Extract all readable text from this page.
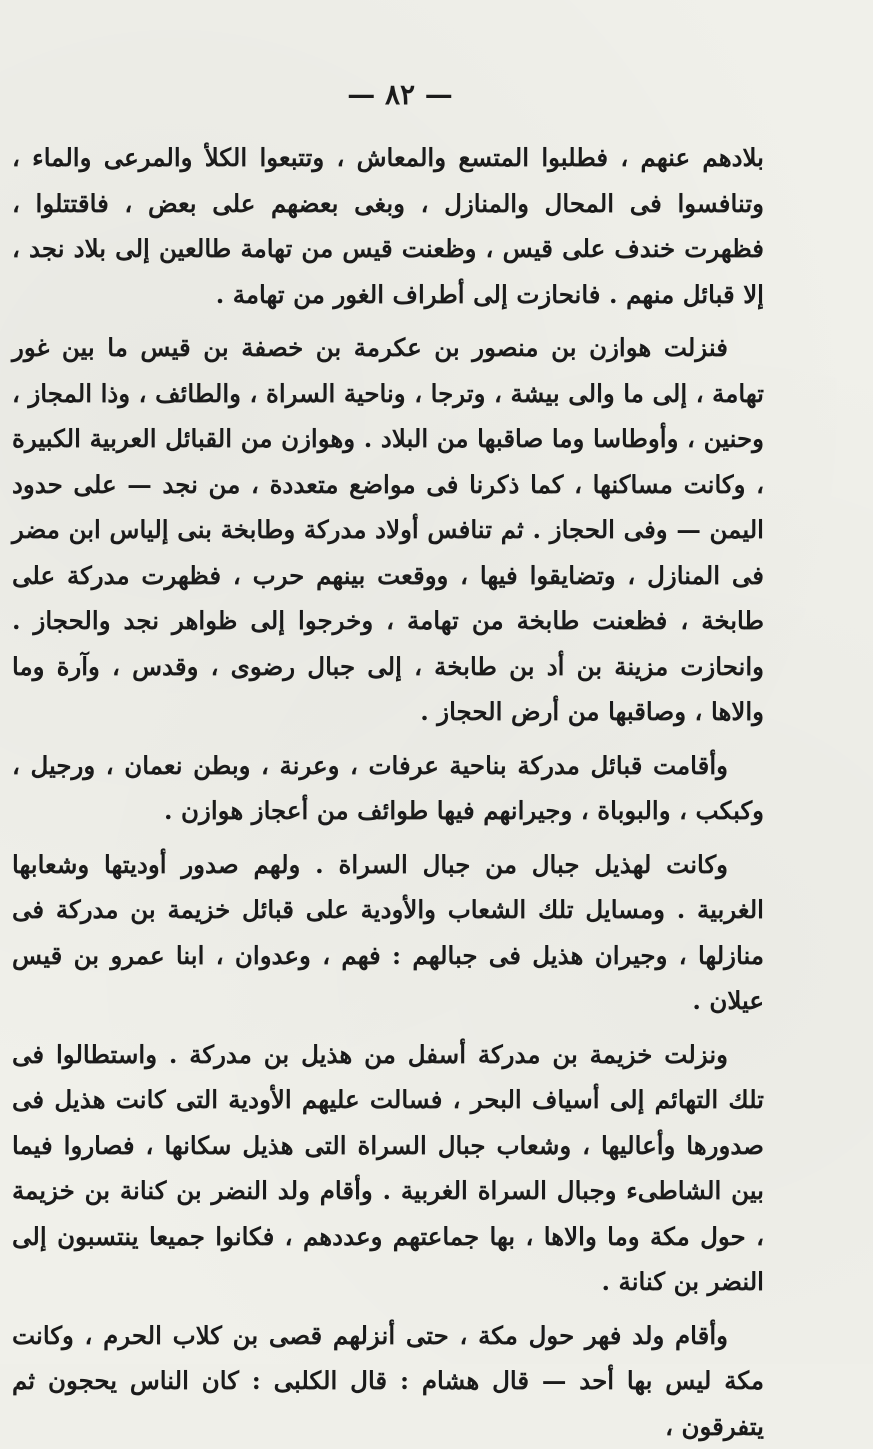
— ٨٢ —

بلادهم عنهم ، فطلبوا المتسع والمعاش ، وتتبعوا الكلأ والمرعى والماء ، وتنافسوا فى المحال والمنازل ، وبغى بعضهم على بعض ، فاقتتلوا ، فظهرت خندف على قيس ، وظعنت قيس من تهامة طالعين إلى بلاد نجد ، إلا قبائل منهم . فانحازت إلى أطراف الغور من تهامة .

فنزلت هوازن بن منصور بن عكرمة بن خصفة بن قيس ما بين غور تهامة ، إلى ما والى بيشة ، وترجا ، وناحية السراة ، والطائف ، وذا المجاز ، وحنين ، وأوطاسا وما صاقبها من البلاد . وهوازن من القبائل العربية الكبيرة ، وكانت مساكنها ، كما ذكرنا فى مواضع متعددة ، من نجد — على حدود اليمن — وفى الحجاز . ثم تنافس أولاد مدركة وطابخة بنى إلياس ابن مضر فى المنازل ، وتضايقوا فيها ، ووقعت بينهم حرب ، فظهرت مدركة على طابخة ، فظعنت طابخة من تهامة ، وخرجوا إلى ظواهر نجد والحجاز . وانحازت مزينة بن أد بن طابخة ، إلى جبال رضوى ، وقدس ، وآرة وما والاها ، وصاقبها من أرض الحجاز .

وأقامت قبائل مدركة بناحية عرفات ، وعرنة ، وبطن نعمان ، ورجيل ، وكبكب ، والبوباة ، وجيرانهم فيها طوائف من أعجاز هوازن .

وكانت لهذيل جبال من جبال السراة . ولهم صدور أوديتها وشعابها الغربية . ومسايل تلك الشعاب والأودية على قبائل خزيمة بن مدركة فى منازلها ، وجيران هذيل فى جبالهم : فهم ، وعدوان ، ابنا عمرو بن قيس عيلان .

ونزلت خزيمة بن مدركة أسفل من هذيل بن مدركة . واستطالوا فى تلك التهائم إلى أسياف البحر ، فسالت عليهم الأودية التى كانت هذيل فى صدورها وأعاليها ، وشعاب جبال السراة التى هذيل سكانها ، فصاروا فيما بين الشاطىء وجبال السراة الغربية . وأقام ولد النضر بن كنانة بن خزيمة ، حول مكة وما والاها ، بها جماعتهم وعددهم ، فكانوا جميعا ينتسبون إلى النضر بن كنانة .

وأقام ولد فهر حول مكة ، حتى أنزلهم قصى بن كلاب الحرم ، وكانت مكة ليس بها أحد — قال هشام : قال الكلبى : كان الناس يحجون ثم يتفرقون ،
